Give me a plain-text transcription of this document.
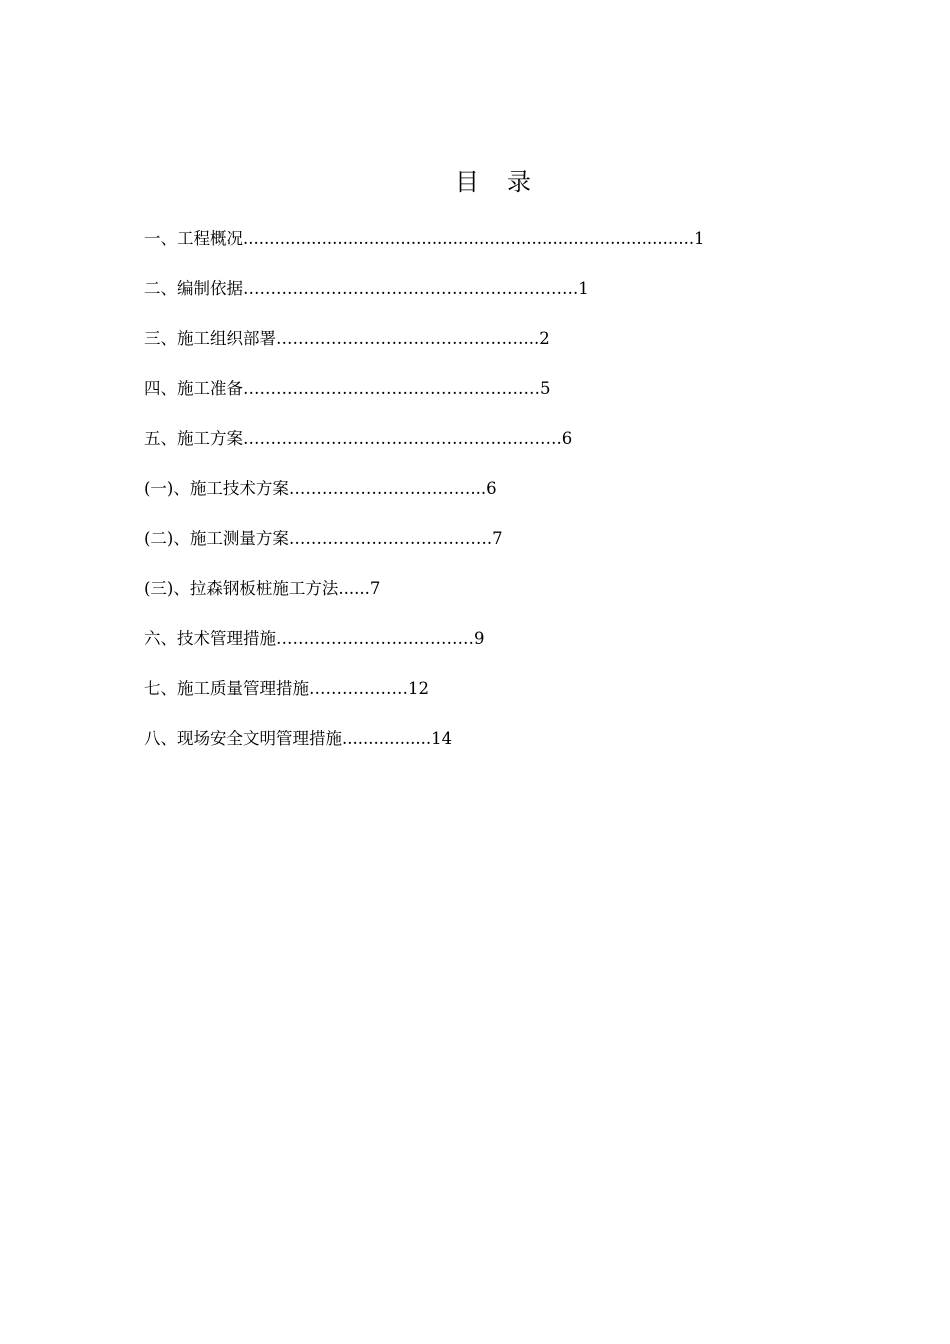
目 录
一、工程概况......................................................................................1
二、编制依据…………………………………………………….1
三、施工组织部署………………………………………...2
四、施工准备………………………………………………5
五、施工方案………………………………………………….6
(一)、施工技术方案……………………………...6
(二)、施工测量方案……………………………….7
(三)、拉森钢板桩施工方法......7
六、技术管理措施………………………………9
七、施工质量管理措施………………12
八、现场安全文明管理措施.................14
